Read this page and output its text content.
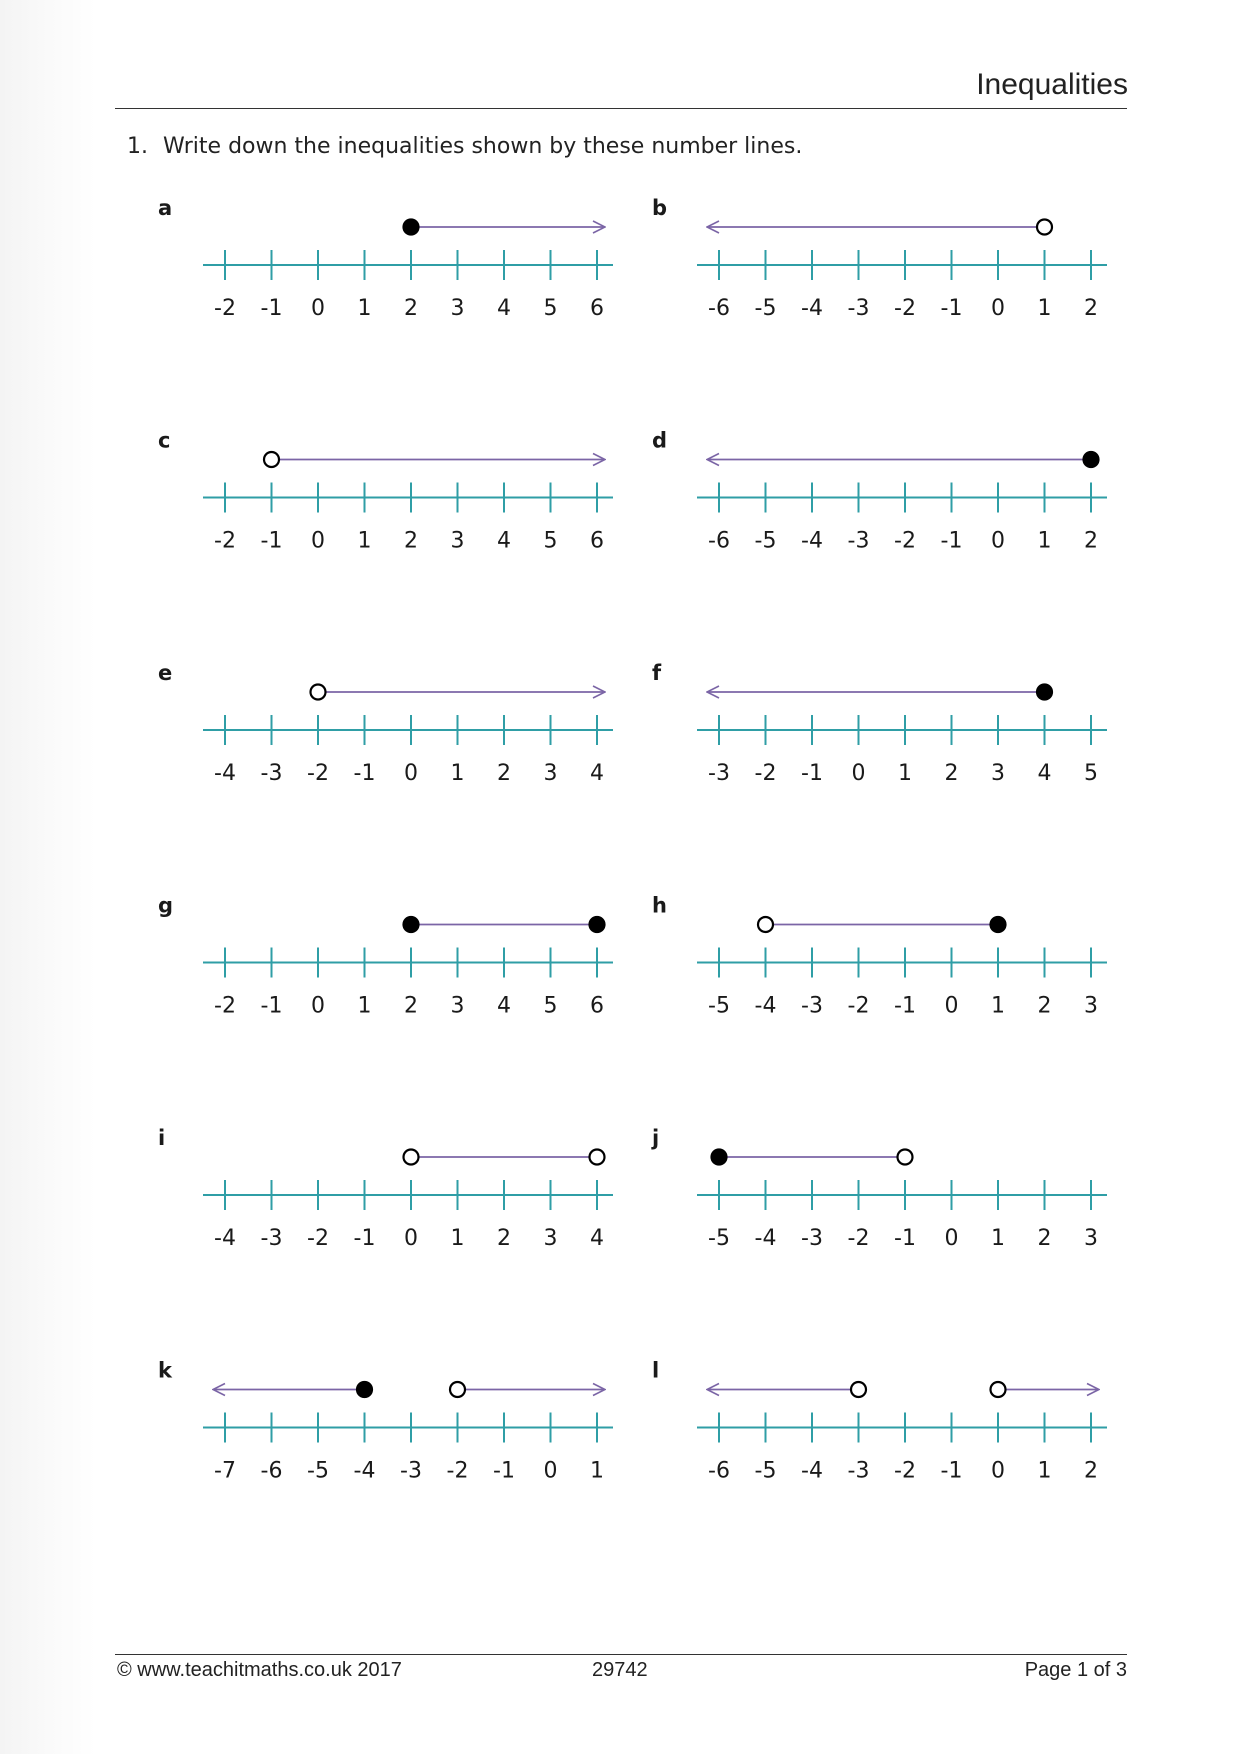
Inequalities
1. Write down the inequalities shown by these number lines.
a
-2 -1 0 1 2 3 4 5 6
b
-6 -5 -4 -3 -2 -1 0 1 2
c
-2 -1 0 1 2 3 4 5 6
d
-6 -5 -4 -3 -2 -1 0 1 2
e
-4 -3 -2 -1 0 1 2 3 4
f
-3 -2 -1 0 1 2 3 4 5
g
-2 -1 0 1 2 3 4 5 6
h
-5 -4 -3 -2 -1 0 1 2 3
i
-4 -3 -2 -1 0 1 2 3 4
j
-5 -4 -3 -2 -1 0 1 2 3
k
-7 -6 -5 -4 -3 -2 -1 0 1
l
-6 -5 -4 -3 -2 -1 0 1 2
© www.teachitmaths.co.uk 2017	29742	Page 1 of 3
